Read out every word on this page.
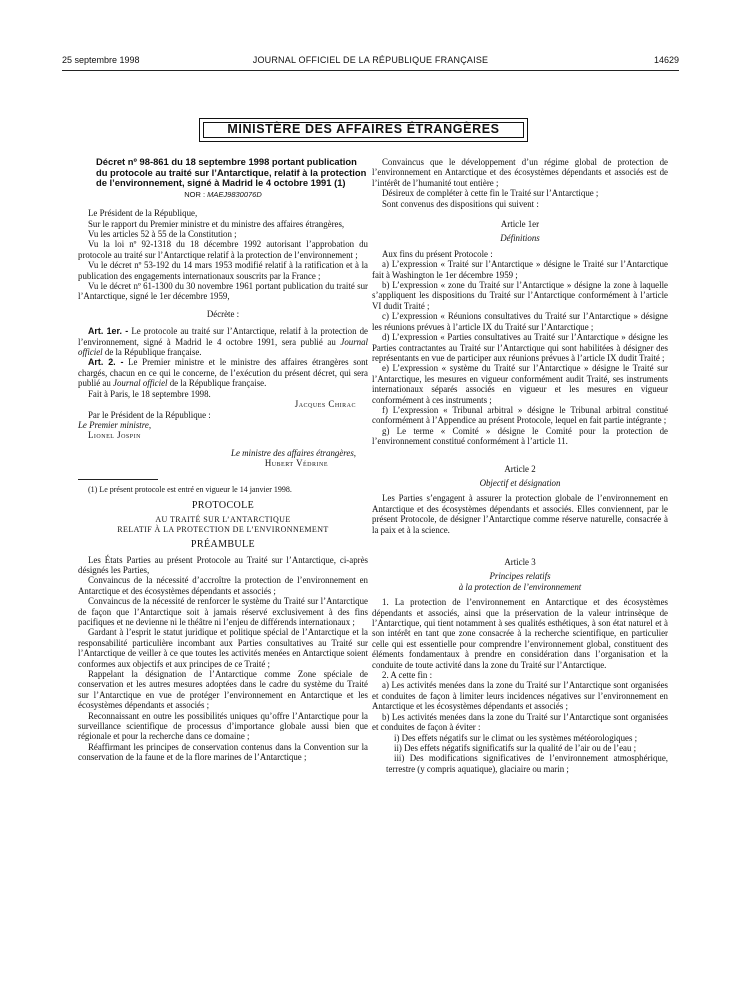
25 septembre 1998	JOURNAL OFFICIEL DE LA RÉPUBLIQUE FRANÇAISE	14629
MINISTÈRE DES AFFAIRES ÉTRANGÈRES

Décret nº 98-861 du 18 septembre 1998 portant publication du protocole au traité sur l’Antarctique, relatif à la protection de l’environnement, signé à Madrid le 4 octobre 1991 (1)

NOR : MAEJ9830076D

Le Président de la République,

Sur le rapport du Premier ministre et du ministre des affaires étrangères,

Vu les articles 52 à 55 de la Constitution ;

Vu la loi nº 92-1318 du 18 décembre 1992 autorisant l’approbation du protocole au traité sur l’Antarctique relatif à la protection de l’environnement ;

Vu le décret nº 53-192 du 14 mars 1953 modifié relatif à la ratification et à la publication des engagements internationaux souscrits par la France ;

Vu le décret nº 61-1300 du 30 novembre 1961 portant publication du traité sur l’Antarctique, signé le 1er décembre 1959,

Décrète :

Art. 1er. - Le protocole au traité sur l’Antarctique, relatif à la protection de l’environnement, signé à Madrid le 4 octobre 1991, sera publié au Journal officiel de la République française.

Art. 2. - Le Premier ministre et le ministre des affaires étrangères sont chargés, chacun en ce qui le concerne, de l’exécution du présent décret, qui sera publié au Journal officiel de la République française.

Fait à Paris, le 18 septembre 1998.

Jacques Chirac

Par le Président de la République :

Le Premier ministre,

Lionel Jospin

Le ministre des affaires étrangères,

Hubert Védrine

(1) Le présent protocole est entré en vigueur le 14 janvier 1998.

PROTOCOLE

AU TRAITÉ SUR L’ANTARCTIQUE

RELATIF À LA PROTECTION DE L’ENVIRONNEMENT

PRÉAMBULE

Les États Parties au présent Protocole au Traité sur l’Antarctique, ci-après désignés les Parties,

Convaincus de la nécessité d’accroître la protection de l’environnement en Antarctique et des écosystèmes dépendants et associés ;

Convaincus de la nécessité de renforcer le système du Traité sur l’Antarctique de façon que l’Antarctique soit à jamais réservé exclusivement à des fins pacifiques et ne devienne ni le théâtre ni l’enjeu de différends internationaux ;

Gardant à l’esprit le statut juridique et politique spécial de l’Antarctique et la responsabilité particulière incombant aux Parties consultatives au Traité sur l’Antarctique de veiller à ce que toutes les activités menées en Antarctique soient conformes aux objectifs et aux principes de ce Traité ;

Rappelant la désignation de l’Antarctique comme Zone spéciale de conservation et les autres mesures adoptées dans le cadre du système du Traité sur l’Antarctique en vue de protéger l’environnement en Antarctique et les écosystèmes dépendants et associés ;

Reconnaissant en outre les possibilités uniques qu’offre l’Antarctique pour la surveillance scientifique de processus d’importance globale aussi bien que régionale et pour la recherche dans ce domaine ;

Réaffirmant les principes de conservation contenus dans la Convention sur la conservation de la faune et de la flore marines de l’Antarctique ;

Convaincus que le développement d’un régime global de protection de l’environnement en Antarctique et des écosystèmes dépendants et associés est de l’intérêt de l’humanité tout entière ;

Désireux de compléter à cette fin le Traité sur l’Antarctique ;

Sont convenus des dispositions qui suivent :

Article 1er

Définitions

Aux fins du présent Protocole :

a) L’expression « Traité sur l’Antarctique » désigne le Traité sur l’Antarctique fait à Washington le 1er décembre 1959 ;

b) L’expression « zone du Traité sur l’Antarctique » désigne la zone à laquelle s’appliquent les dispositions du Traité sur l’Antarctique conformément à l’article VI dudit Traité ;

c) L’expression « Réunions consultatives du Traité sur l’Antarctique » désigne les réunions prévues à l’article IX du Traité sur l’Antarctique ;

d) L’expression « Parties consultatives au Traité sur l’Antarctique » désigne les Parties contractantes au Traité sur l’Antarctique qui sont habilitées à désigner des représentants en vue de participer aux réunions prévues à l’article IX dudit Traité ;

e) L’expression « système du Traité sur l’Antarctique » désigne le Traité sur l’Antarctique, les mesures en vigueur conformément audit Traité, ses instruments internationaux séparés associés en vigueur et les mesures en vigueur conformément à ces instruments ;

f) L’expression « Tribunal arbitral » désigne le Tribunal arbitral constitué conformément à l’Appendice au présent Protocole, lequel en fait partie intégrante ;

g) Le terme « Comité » désigne le Comité pour la protection de l’environnement constitué conformément à l’article 11.

Article 2

Objectif et désignation

Les Parties s’engagent à assurer la protection globale de l’environnement en Antarctique et des écosystèmes dépendants et associés. Elles conviennent, par le présent Protocole, de désigner l’Antarctique comme réserve naturelle, consacrée à la paix et à la science.

Article 3

Principes relatifs

à la protection de l’environnement

1. La protection de l’environnement en Antarctique et des écosystèmes dépendants et associés, ainsi que la préservation de la valeur intrinsèque de l’Antarctique, qui tient notamment à ses qualités esthétiques, à son état naturel et à son intérêt en tant que zone consacrée à la recherche scientifique, en particulier celle qui est essentielle pour comprendre l’environnement global, constituent des éléments fondamentaux à prendre en considération dans l’organisation et la conduite de toute activité dans la zone du Traité sur l’Antarctique.

2. A cette fin :

a) Les activités menées dans la zone du Traité sur l’Antarctique sont organisées et conduites de façon à limiter leurs incidences négatives sur l’environnement en Antarctique et les écosystèmes dépendants et associés ;

b) Les activités menées dans la zone du Traité sur l’Antarctique sont organisées et conduites de façon à éviter :

i) Des effets négatifs sur le climat ou les systèmes météorologiques ;

ii) Des effets négatifs significatifs sur la qualité de l’air ou de l’eau ;

iii) Des modifications significatives de l’environnement atmosphérique, terrestre (y compris aquatique), glaciaire ou marin ;
